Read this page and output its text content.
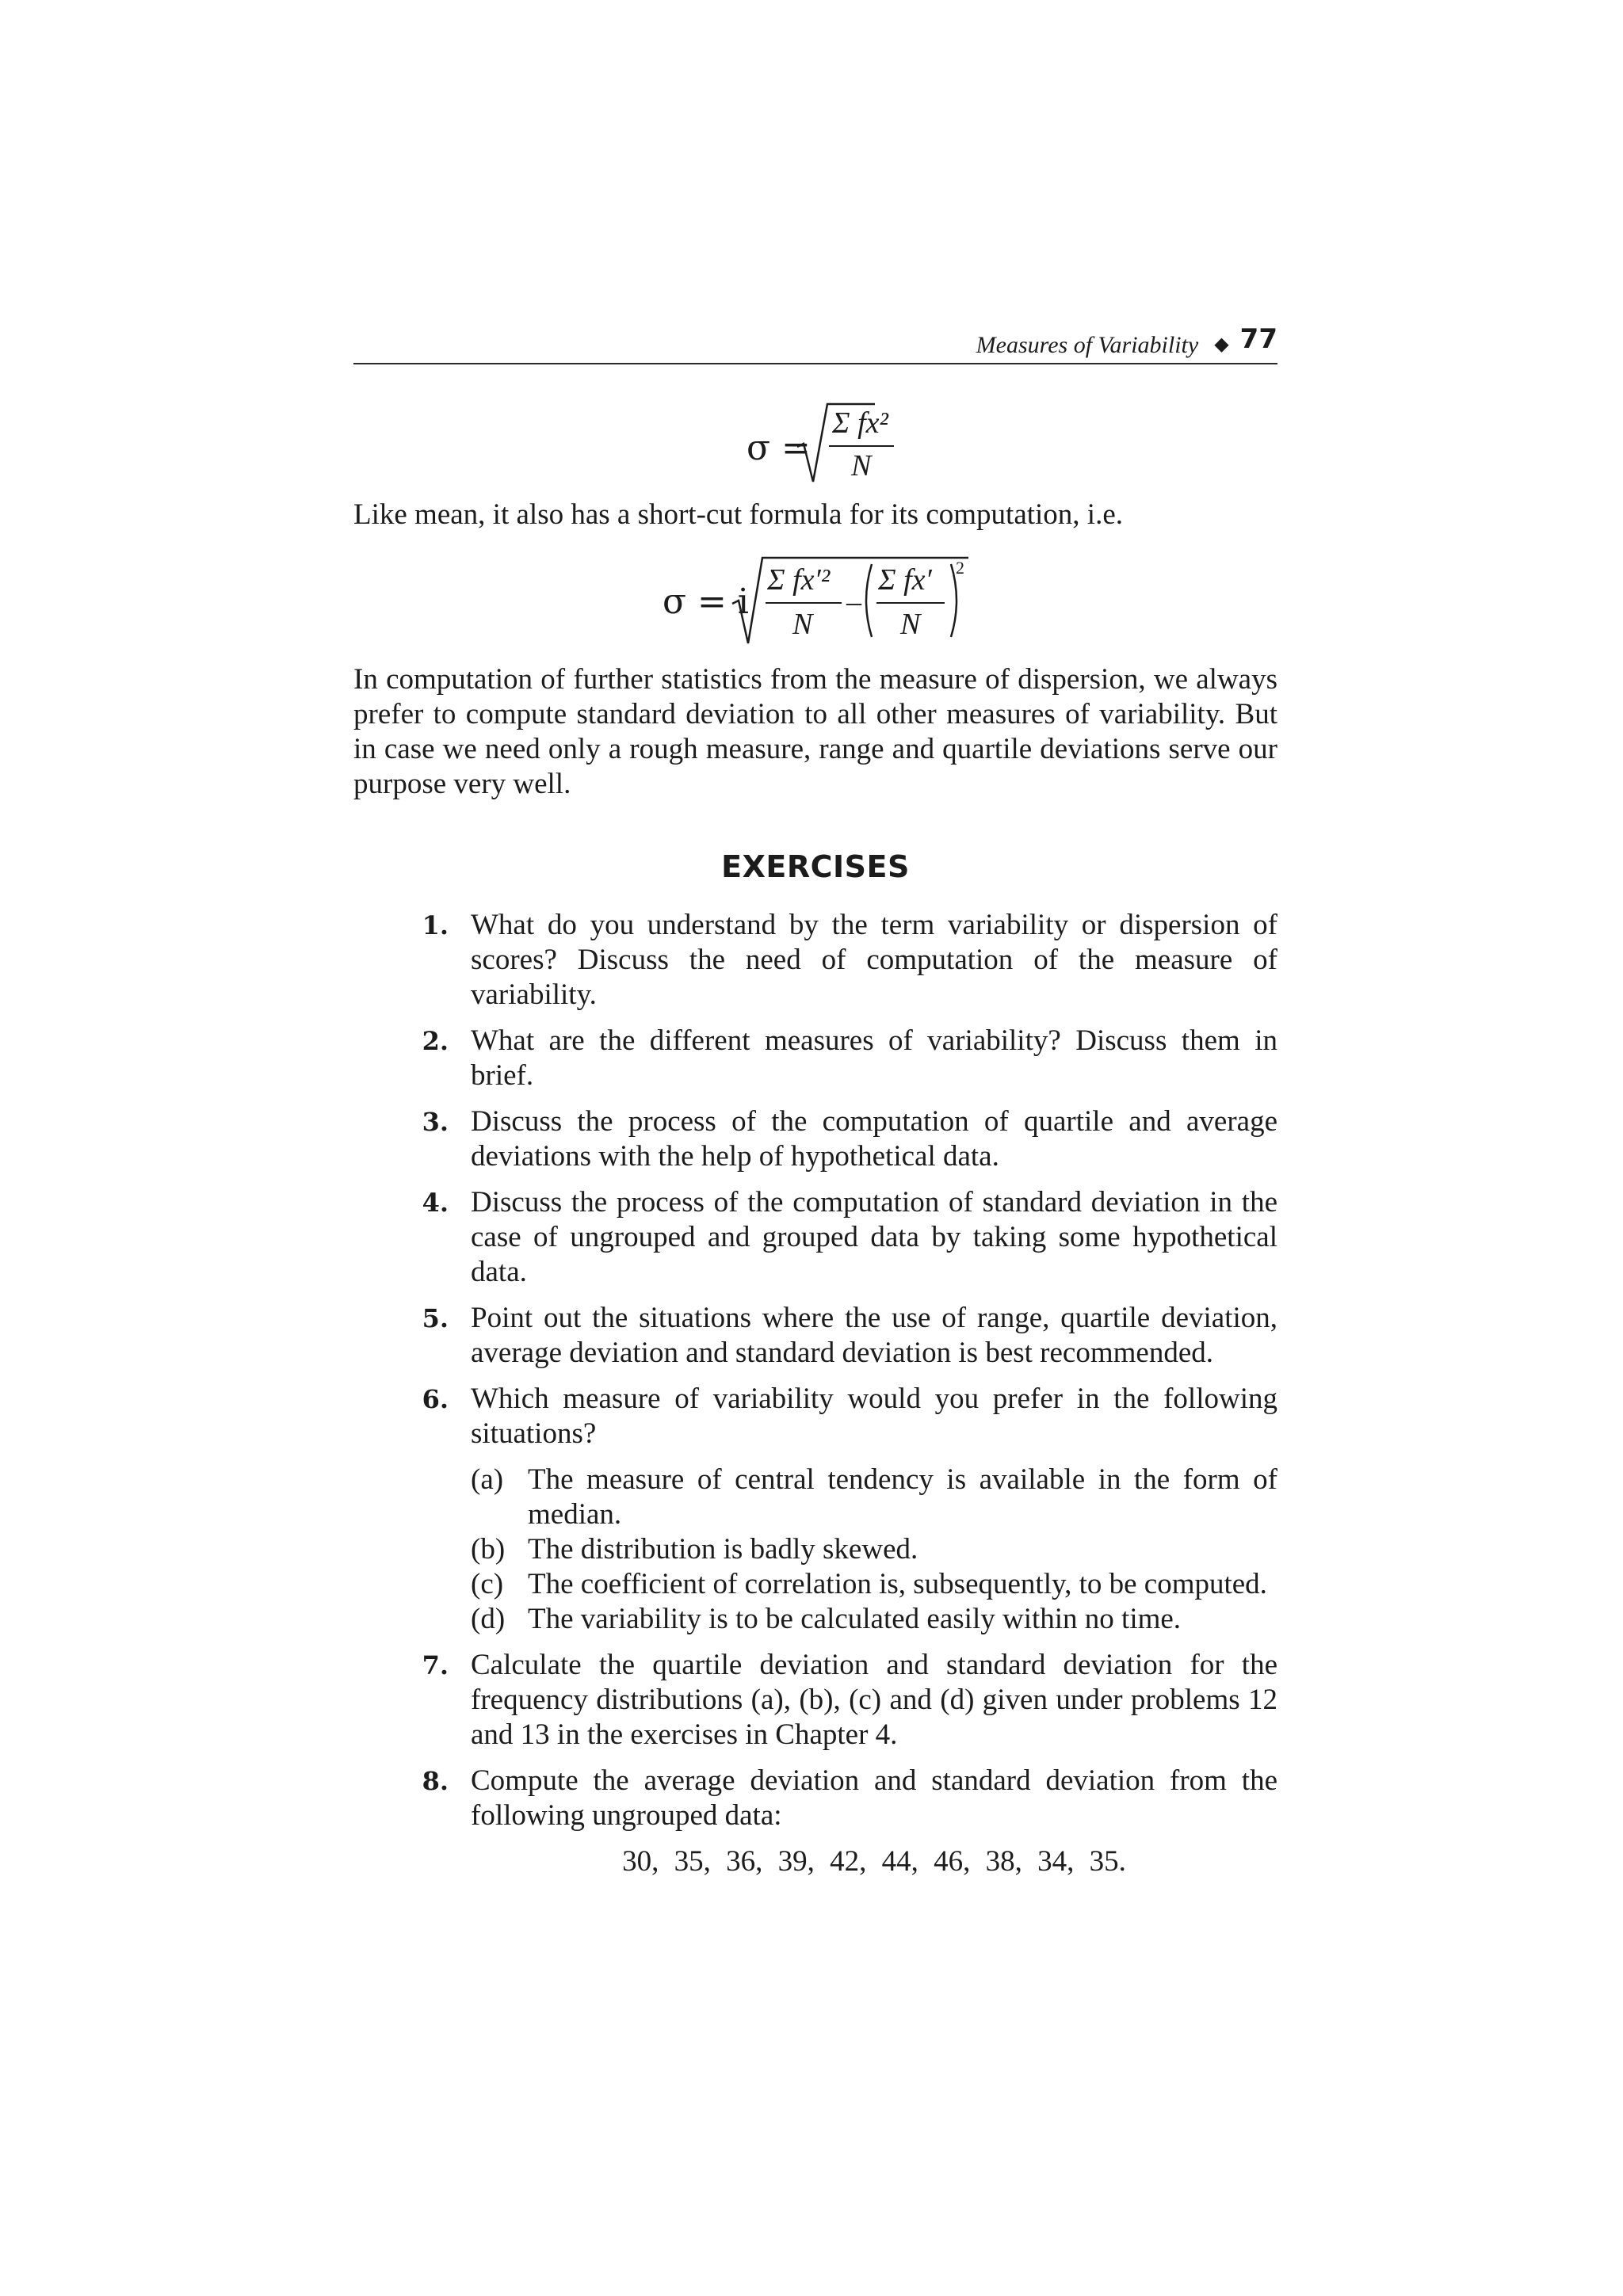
Measures of Variability ◆ 77
σ =
Σ fx²
N
Like mean, it also has a short-cut formula for its computation, i.e.
σ = i
Σ fx′²
N
–
Σ fx′
N
2
In computation of further statistics from the measure of dispersion, we always prefer to compute standard deviation to all other measures of variability. But in case we need only a rough measure, range and quartile deviations serve our purpose very well.
EXERCISES
1. What do you understand by the term variability or dispersion of scores? Discuss the need of computation of the measure of variability.
2. What are the different measures of variability? Discuss them in brief.
3. Discuss the process of the computation of quartile and average deviations with the help of hypothetical data.
4. Discuss the process of the computation of standard deviation in the case of ungrouped and grouped data by taking some hypothetical data.
5. Point out the situations where the use of range, quartile deviation, average deviation and standard deviation is best recommended.
6. Which measure of variability would you prefer in the following situations?
(a) The measure of central tendency is available in the form of median.
(b) The distribution is badly skewed.
(c) The coefficient of correlation is, subsequently, to be computed.
(d) The variability is to be calculated easily within no time.
7. Calculate the quartile deviation and standard deviation for the frequency distributions (a), (b), (c) and (d) given under problems 12 and 13 in the exercises in Chapter 4.
8. Compute the average deviation and standard deviation from the following ungrouped data:
30, 35, 36, 39, 42, 44, 46, 38, 34, 35.
